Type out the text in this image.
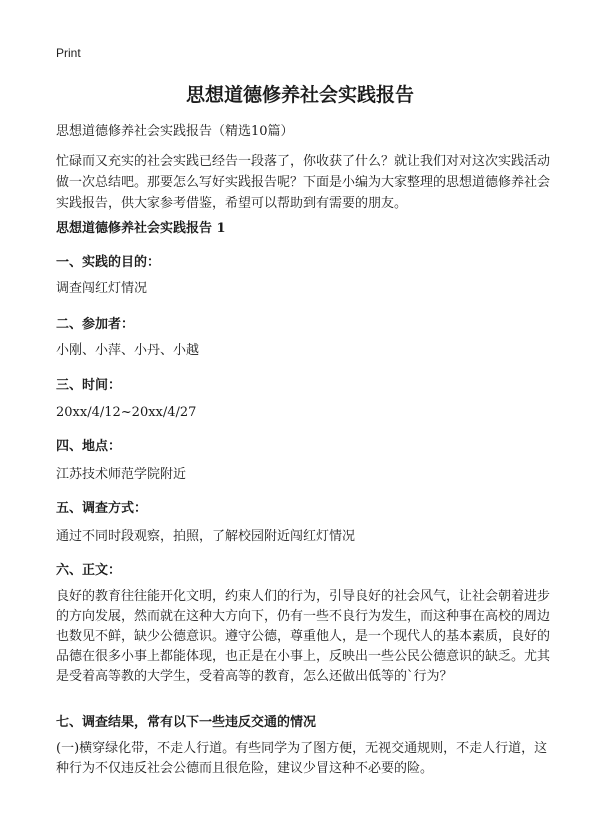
Print
思想道德修养社会实践报告

思想道德修养社会实践报告（精选10篇）

忙碌而又充实的社会实践已经告一段落了，你收获了什么？就让我们对对这次实践活动做一次总结吧。那要怎么写好实践报告呢？下面是小编为大家整理的思想道德修养社会实践报告，供大家参考借鉴，希望可以帮助到有需要的朋友。

思想道德修养社会实践报告 1

一、实践的目的：

调查闯红灯情况

二、参加者：

小刚、小萍、小丹、小越

三、时间：

20xx/4/12~20xx/4/27

四、地点：

江苏技术师范学院附近

五、调查方式：

通过不同时段观察，拍照，了解校园附近闯红灯情况

六、正文：

良好的教育往往能开化文明，约束人们的行为，引导良好的社会风气，让社会朝着进步的方向发展，然而就在这种大方向下，仍有一些不良行为发生，而这种事在高校的周边也数见不鲜，缺少公德意识。遵守公德，尊重他人，是一个现代人的基本素质，良好的品德在很多小事上都能体现，也正是在小事上，反映出一些公民公德意识的缺乏。尤其是受着高等教的大学生，受着高等的教育，怎么还做出低等的`行为？

七、调查结果，常有以下一些违反交通的情况

(一)横穿绿化带，不走人行道。有些同学为了图方便，无视交通规则，不走人行道，这种行为不仅违反社会公德而且很危险，建议少冒这种不必要的险。
